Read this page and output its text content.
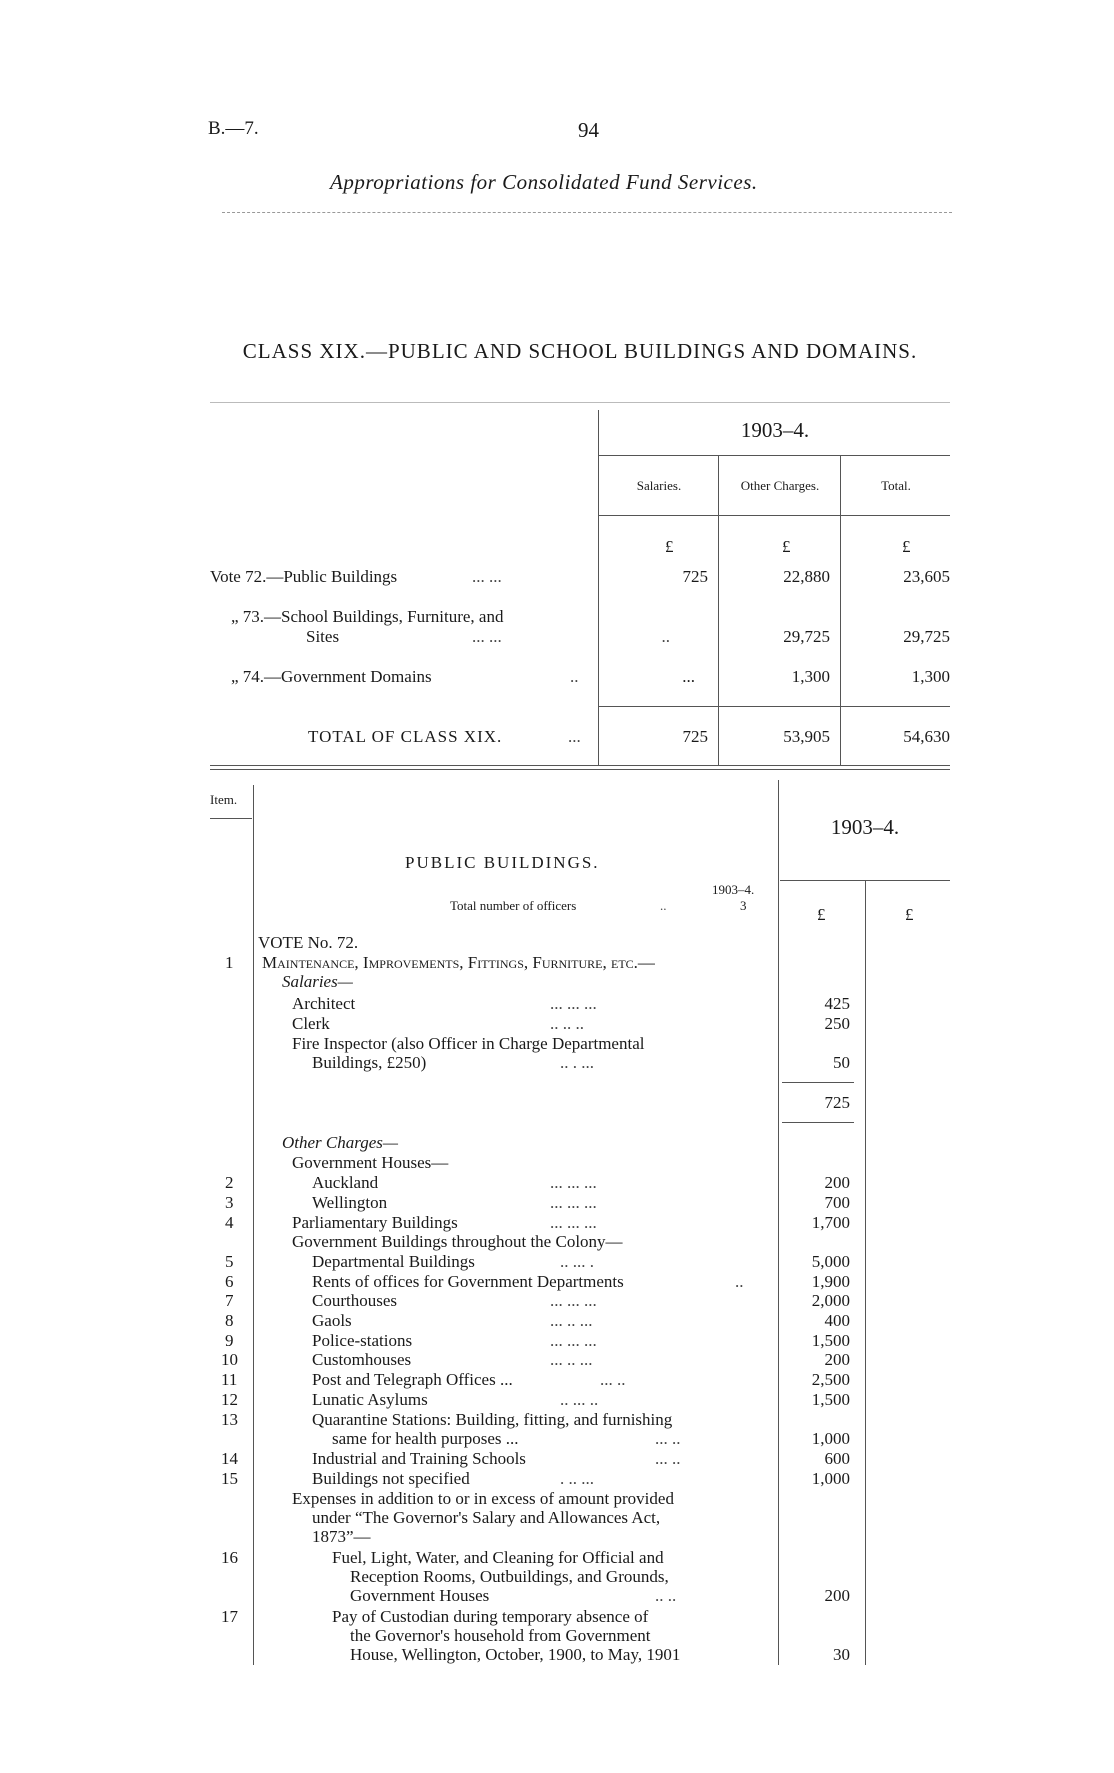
B.—7.	94
Appropriations for Consolidated Fund Services.
CLASS XIX.—PUBLIC AND SCHOOL BUILDINGS AND DOMAINS.
1903–4.
Salaries.	Other Charges.	Total.
£	£	£
Vote 72.—Public Buildings	... ...	725	22,880	23,605
„ 73.—School Buildings, Furniture, and
Sites	... ...	..	29,725	29,725
„ 74.—Government Domains	..	...	1,300	1,300
TOTAL OF CLASS XIX.	...	725	53,905	54,630
Item.
1903–4.
PUBLIC BUILDINGS.
1903–4.
Total number of officers	..	3	£	£
VOTE No. 72.
1 Maintenance, Improvements, Fittings, Furniture, etc.—
Salaries—
Architect	... ... ...	425
Clerk	.. .. ..	250
Fire Inspector (also Officer in Charge Departmental
Buildings, £250)	.. . ...	50
725
Other Charges—
Government Houses—
2	Auckland	... ... ...	200
3	Wellington	... ... ...	700
4	Parliamentary Buildings	... ... ...	1,700
Government Buildings throughout the Colony—
5	Departmental Buildings	.. ... .	5,000
6	Rents of offices for Government Departments	..	1,900
7	Courthouses	... ... ...	2,000
8	Gaols	... .. ...	400
9	Police-stations	... ... ...	1,500
10	Customhouses	... .. ...	200
11	Post and Telegraph Offices ...	... ..	2,500
12	Lunatic Asylums	.. ... ..	1,500
13	Quarantine Stations: Building, fitting, and furnishing
same for health purposes ...	... ..	1,000
14	Industrial and Training Schools	... ..	600
15	Buildings not specified	. .. ...	1,000
Expenses in addition to or in excess of amount provided
under “The Governor's Salary and Allowances Act,
1873”—
16	Fuel, Light, Water, and Cleaning for Official and
Reception Rooms, Outbuildings, and Grounds,
Government Houses	.. ..	200
17	Pay of Custodian during temporary absence of
the Governor's household from Government
House, Wellington, October, 1900, to May, 1901	30
